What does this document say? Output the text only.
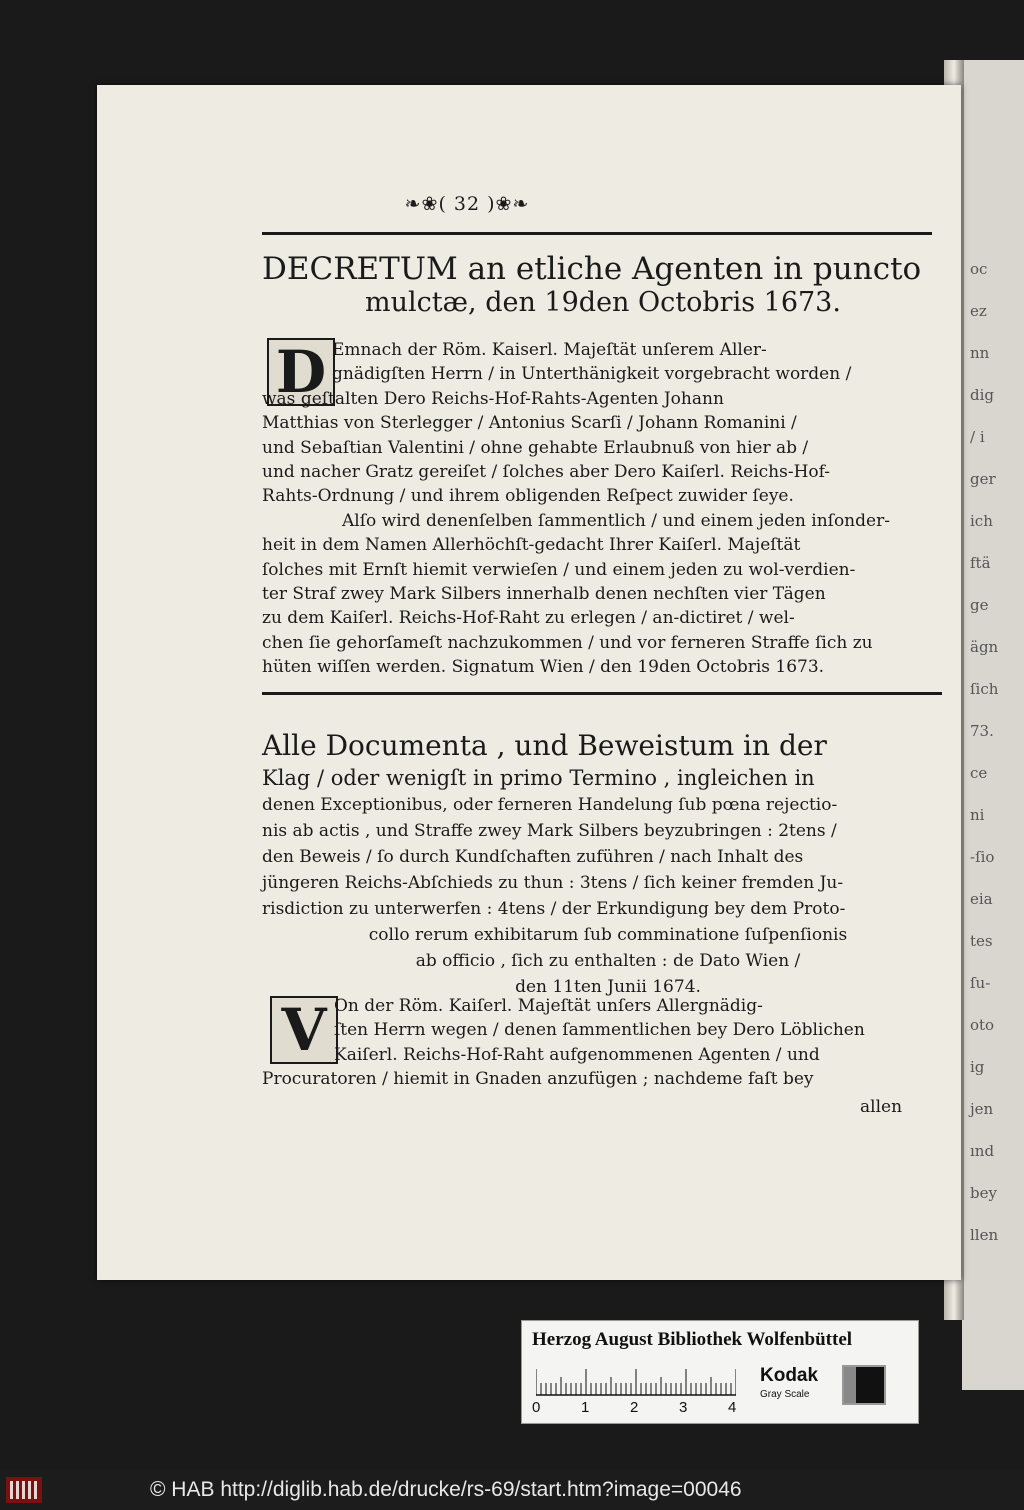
oc
ez
nn
dig
/ i
ger
ich
ftä
ge
ägn
ſich
73.
ce
ni
-ſio
eia
tes
ſu-
oto
ig
jen
ınd
bey
llen
❧❀( 32 )❀❧
DECRETUM an etliche Agenten in puncto
mulctæ, den 19den Octobris 1673.
D Emnach der Röm. Kaiserl. Majeſtät unſerem Aller-
gnädigſten Herrn / in Unterthänigkeit vorgebracht worden /
was geſtalten Dero Reichs-Hof-Rahts-Agenten Johann
Matthias von Sterlegger / Antonius Scarſi / Johann Romanini /
und Sebaſtian Valentini / ohne gehabte Erlaubnuß von hier ab /
und nacher Gratz gereiſet / ſolches aber Dero Kaiſerl. Reichs-Hof-
Rahts-Ordnung / und ihrem obligenden Reſpect zuwider ſeye.
Alſo wird denenſelben ſammentlich / und einem jeden inſonder-
heit in dem Namen Allerhöchſt-gedacht Ihrer Kaiſerl. Majeſtät
ſolches mit Ernſt hiemit verwieſen / und einem jeden zu wol-verdien-
ter Straf zwey Mark Silbers innerhalb denen nechſten vier Tägen
zu dem Kaiſerl. Reichs-Hof-Raht zu erlegen / an-dictiret / wel-
chen ſie gehorſameſt nachzukommen / und vor ferneren Straffe ſich zu
hüten wiſſen werden. Signatum Wien / den 19den Octobris 1673.
Alle Documenta , und Beweistum in der
Klag / oder wenigſt in primo Termino , ingleichen in
denen Exceptionibus, oder ferneren Handelung ſub pœna rejectio-
nis ab actis , und Straffe zwey Mark Silbers beyzubringen : 2tens /
den Beweis / ſo durch Kundſchaften zuführen / nach Inhalt des
jüngeren Reichs-Abſchieds zu thun : 3tens / ſich keiner fremden Ju-
risdiction zu unterwerfen : 4tens / der Erkundigung bey dem Proto-
collo rerum exhibitarum ſub comminatione ſuſpenſionis
ab officio , ſich zu enthalten : de Dato Wien /
den 11ten Junii 1674.
V On der Röm. Kaiſerl. Majeſtät unſers Allergnädig-
ſten Herrn wegen / denen ſammentlichen bey Dero Löblichen
Kaiſerl. Reichs-Hof-Raht aufgenommenen Agenten / und
Procuratoren / hiemit in Gnaden anzufügen ; nachdeme faſt bey
allen
Herzog August Bibliothek Wolfenbüttel
0	1	2	3	4
Kodak
Gray Scale
© HAB http://diglib.hab.de/drucke/rs-69/start.htm?image=00046
